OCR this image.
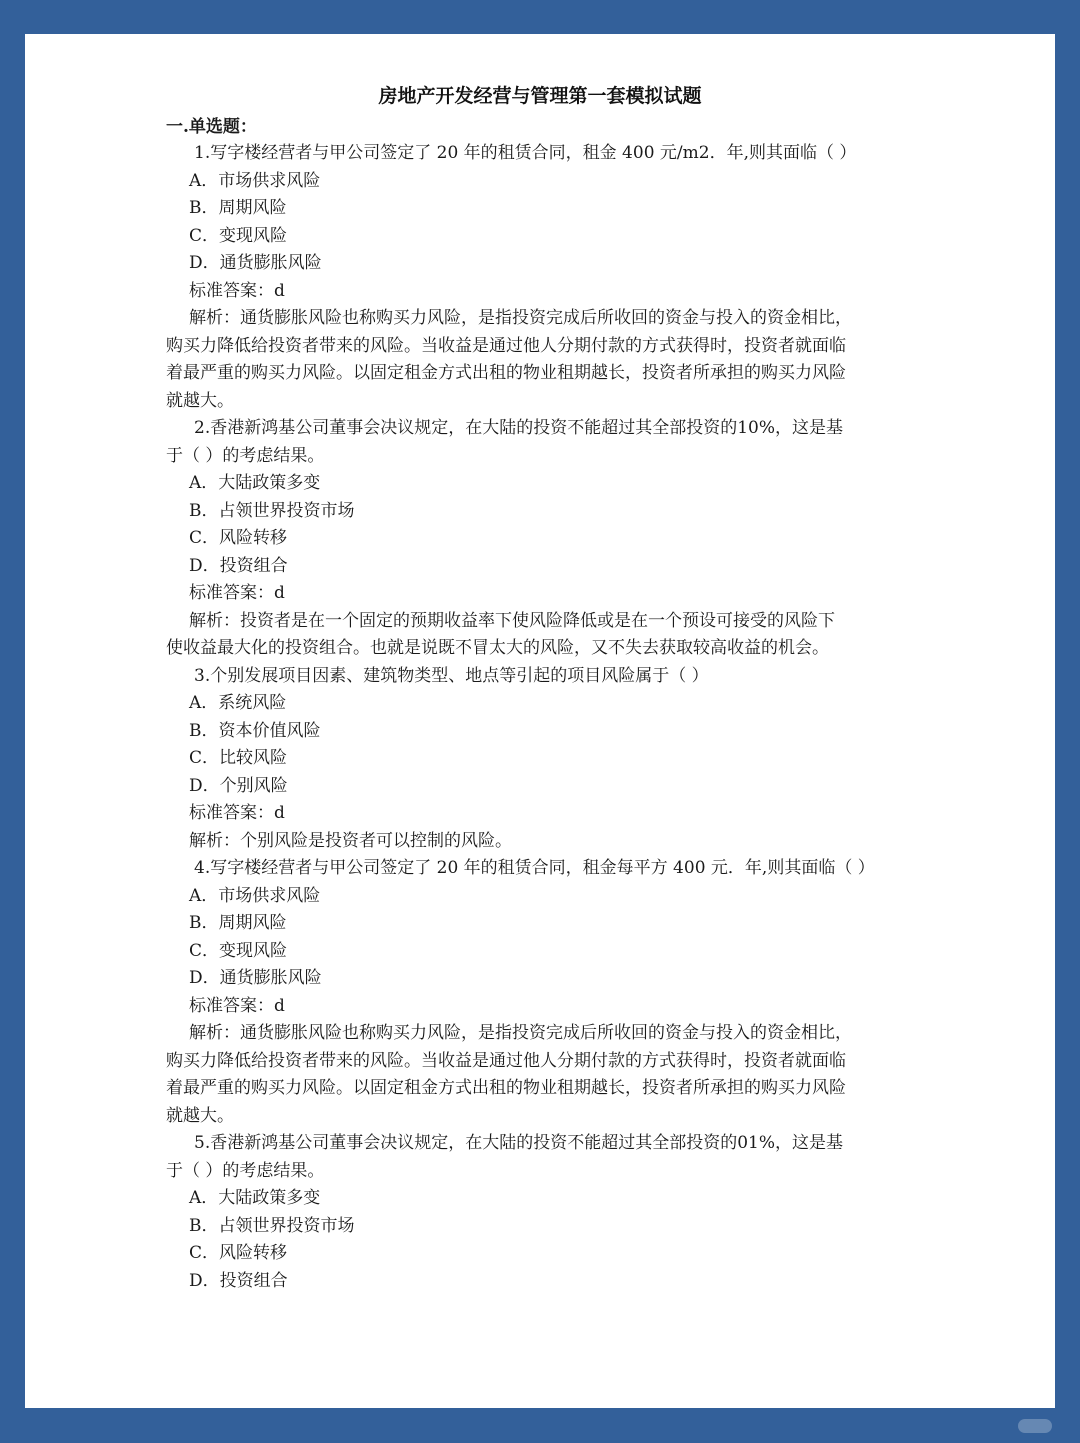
房地产开发经营与管理第一套模拟试题
一.单选题：
1.写字楼经营者与甲公司签定了 20 年的租赁合同，租金 400 元/m2．年,则其面临（ ）
A．市场供求风险
B．周期风险
C．变现风险
D．通货膨胀风险
标准答案：d
解析：通货膨胀风险也称购买力风险，是指投资完成后所收回的资金与投入的资金相比，
购买力降低给投资者带来的风险。当收益是通过他人分期付款的方式获得时，投资者就面临
着最严重的购买力风险。以固定租金方式出租的物业租期越长，投资者所承担的购买力风险
就越大。
2.香港新鸿基公司董事会决议规定，在大陆的投资不能超过其全部投资的10%，这是基
于（ ）的考虑结果。
A．大陆政策多变
B．占领世界投资市场
C．风险转移
D．投资组合
标准答案：d
解析：投资者是在一个固定的预期收益率下使风险降低或是在一个预设可接受的风险下
使收益最大化的投资组合。也就是说既不冒太大的风险，又不失去获取较高收益的机会。
3.个别发展项目因素、建筑物类型、地点等引起的项目风险属于（ ）
A．系统风险
B．资本价值风险
C．比较风险
D．个别风险
标准答案：d
解析：个别风险是投资者可以控制的风险。
4.写字楼经营者与甲公司签定了 20 年的租赁合同，租金每平方 400 元．年,则其面临（ ）
A．市场供求风险
B．周期风险
C．变现风险
D．通货膨胀风险
标准答案：d
解析：通货膨胀风险也称购买力风险，是指投资完成后所收回的资金与投入的资金相比，
购买力降低给投资者带来的风险。当收益是通过他人分期付款的方式获得时，投资者就面临
着最严重的购买力风险。以固定租金方式出租的物业租期越长，投资者所承担的购买力风险
就越大。
5.香港新鸿基公司董事会决议规定，在大陆的投资不能超过其全部投资的01%，这是基
于（ ）的考虑结果。
A．大陆政策多变
B．占领世界投资市场
C．风险转移
D．投资组合
